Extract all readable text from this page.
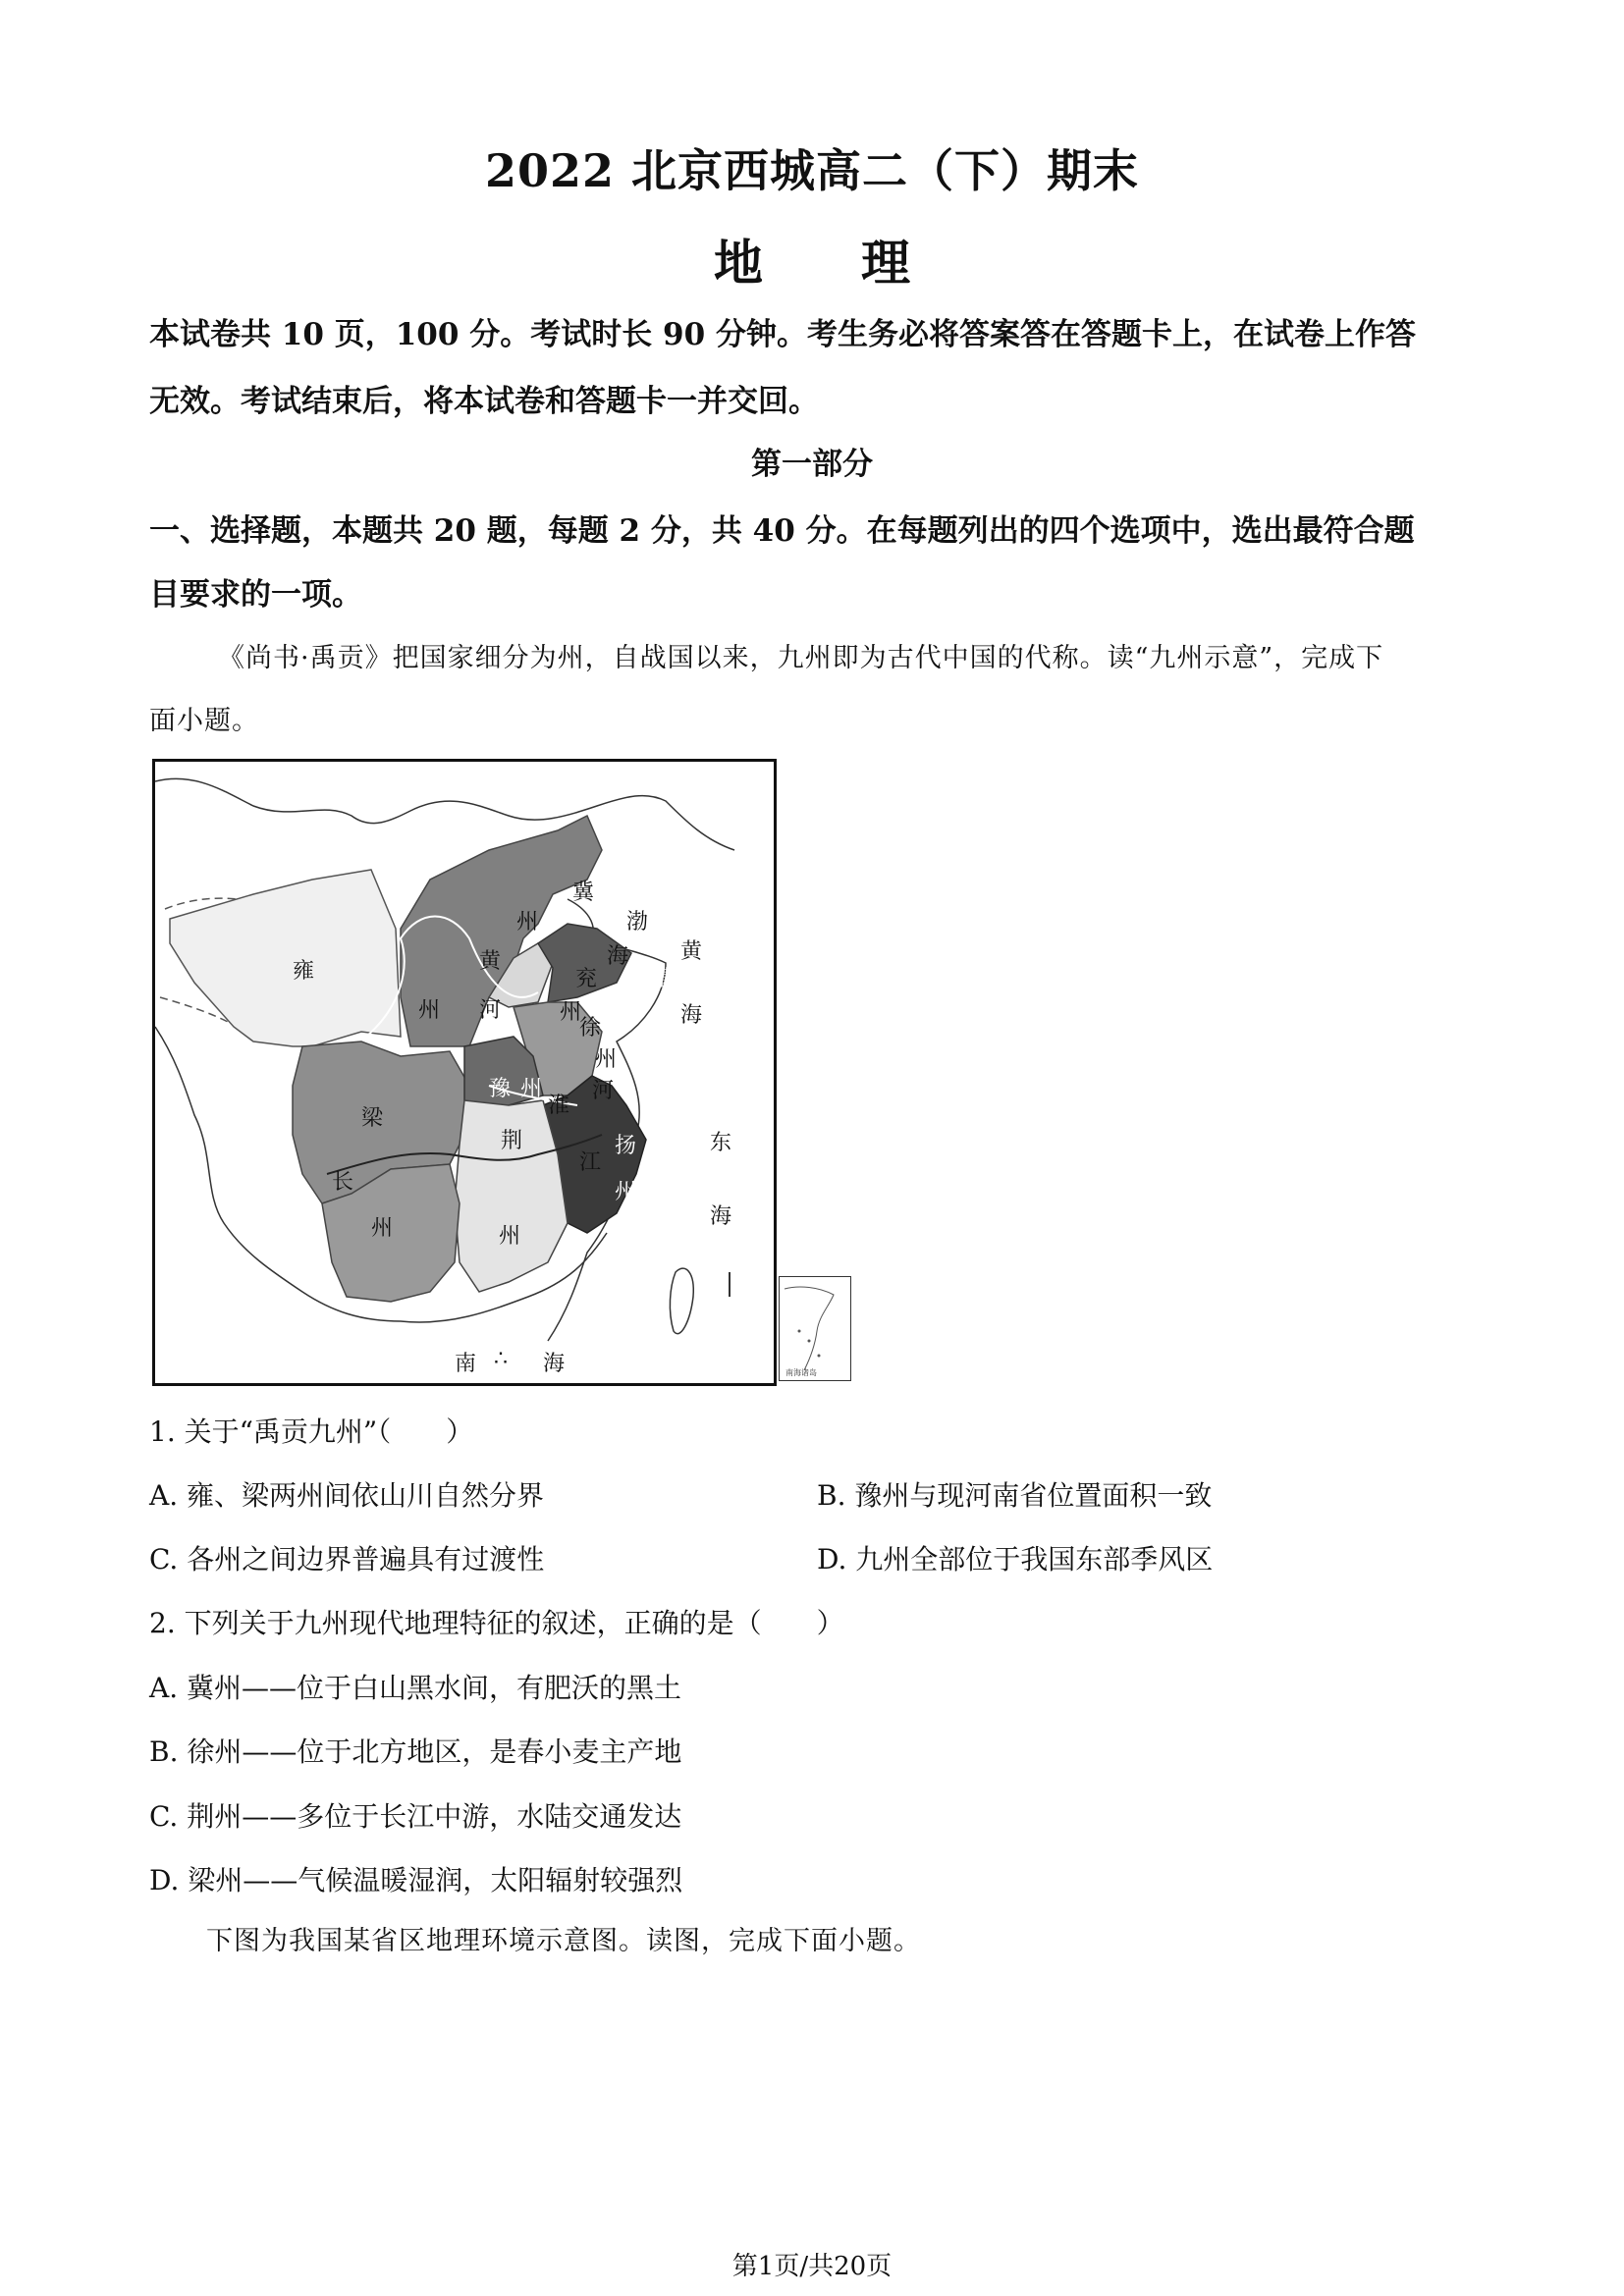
2022 北京西城高二（下）期末
地　　理
本试卷共 10 页，100 分。考试时长 90 分钟。考生务必将答案答在答题卡上，在试卷上作答
无效。考试结束后，将本试卷和答题卡一并交回。
第一部分
一、选择题，本题共 20 题，每题 2 分，共 40 分。在每题列出的四个选项中，选出最符合题
目要求的一项。
《尚书·禹贡》把国家细分为州，自战国以来，九州即为古代中国的代称。读“九州示意”，完成下
面小题。
冀
州	渤
海 黄
海
青
州
兖
州
黄
河
雍
州
徐
州
河
豫 州
淮
梁
荆
州
扬
州
江
长
州
东
海
南 ∴ 海	南海诸岛
1. 关于“禹贡九州”（　　）
A. 雍、梁两州间依山川自然分界	B. 豫州与现河南省位置面积一致
C. 各州之间边界普遍具有过渡性	D. 九州全部位于我国东部季风区
2. 下列关于九州现代地理特征的叙述，正确的是（　　）
A. 冀州——位于白山黑水间，有肥沃的黑土
B. 徐州——位于北方地区，是春小麦主产地
C. 荆州——多位于长江中游，水陆交通发达
D. 梁州——气候温暖湿润，太阳辐射较强烈
下图为我国某省区地理环境示意图。读图，完成下面小题。
第1页/共20页
